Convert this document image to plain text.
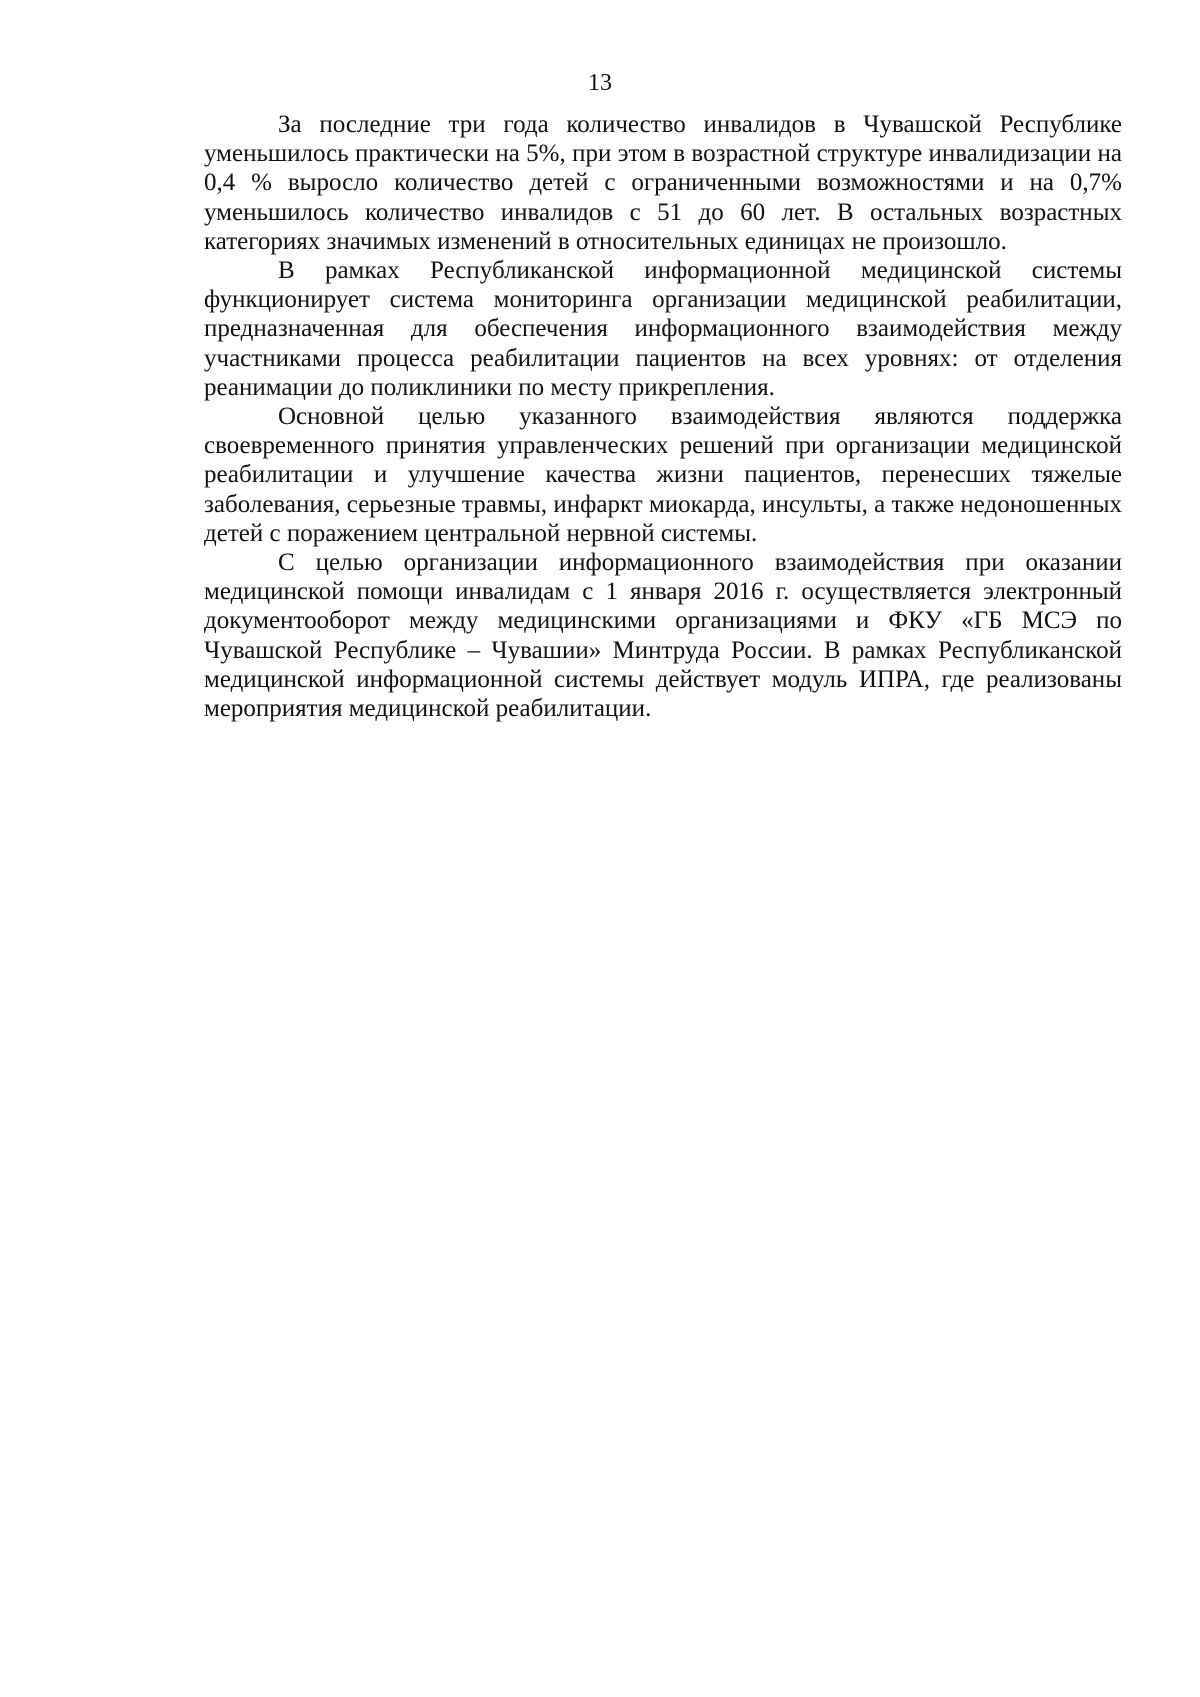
13

За последние три года количество инвалидов в Чувашской Республике уменьшилось практически на 5%, при этом в возрастной структуре инвалидизации на 0,4 % выросло количество детей с ограниченными возможностями и на 0,7% уменьшилось количество инвалидов с 51 до 60 лет. В остальных возрастных категориях значимых изменений в относительных единицах не произошло.

В рамках Республиканской информационной медицинской системы функционирует система мониторинга организации медицинской реабилитации, предназначенная для обеспечения информационного взаимодействия между участниками процесса реабилитации пациентов на всех уровнях: от отделения реанимации до поликлиники по месту прикрепления.

Основной целью указанного взаимодействия являются поддержка своевременного принятия управленческих решений при организации медицинской реабилитации и улучшение качества жизни пациентов, перенесших тяжелые заболевания, серьезные травмы, инфаркт миокарда, инсульты, а также недоношенных детей с поражением центральной нервной системы.

С целью организации информационного взаимодействия при оказании медицинской помощи инвалидам с 1 января 2016 г. осуществляется электронный документооборот между медицинскими организациями и ФКУ «ГБ МСЭ по Чувашской Республике – Чувашии» Минтруда России. В рамках Республиканской медицинской информационной системы действует модуль ИПРА, где реализованы мероприятия медицинской реабилитации.
